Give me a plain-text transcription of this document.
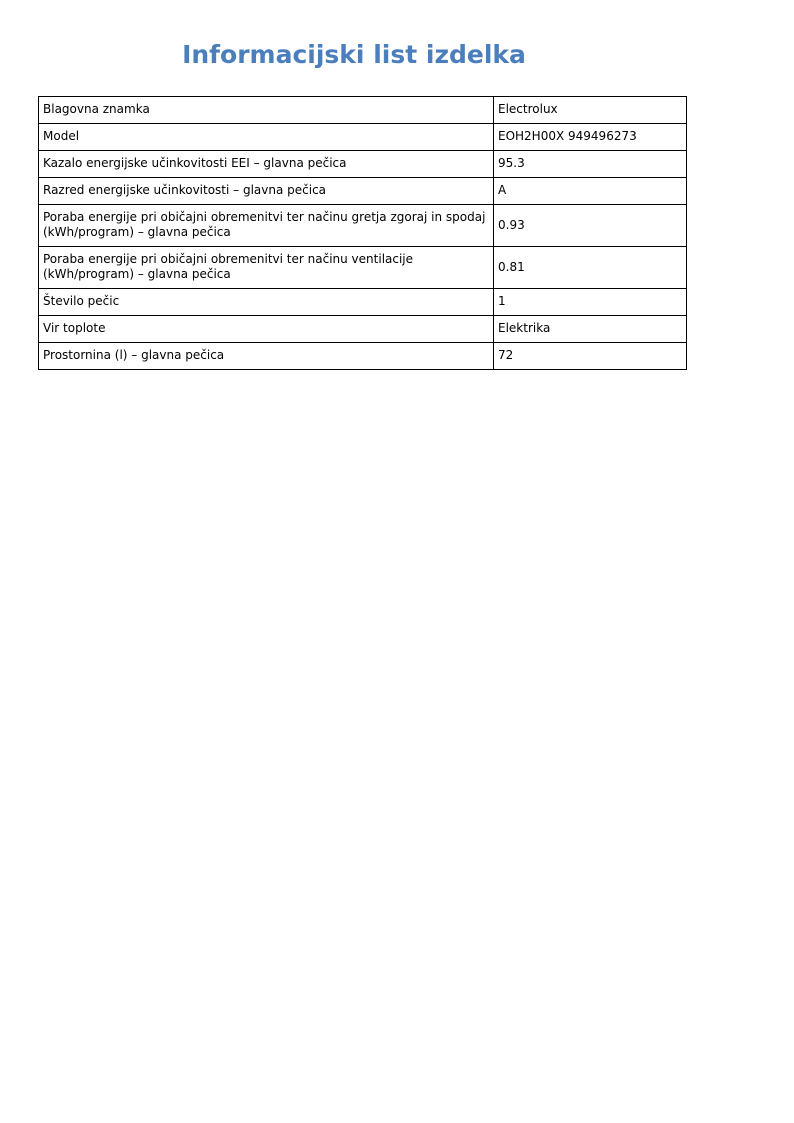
Informacijski list izdelka
Blagovna znamka	Electrolux
Model	EOH2H00X 949496273
Kazalo energijske učinkovitosti EEI – glavna pečica	95.3
Razred energijske učinkovitosti – glavna pečica	A
Poraba energije pri običajni obremenitvi ter načinu gretja zgoraj in spodaj (kWh/program) – glavna pečica	0.93
Poraba energije pri običajni obremenitvi ter načinu ventilacije (kWh/program) – glavna pečica	0.81
Število pečic	1
Vir toplote	Elektrika
Prostornina (l) – glavna pečica	72
